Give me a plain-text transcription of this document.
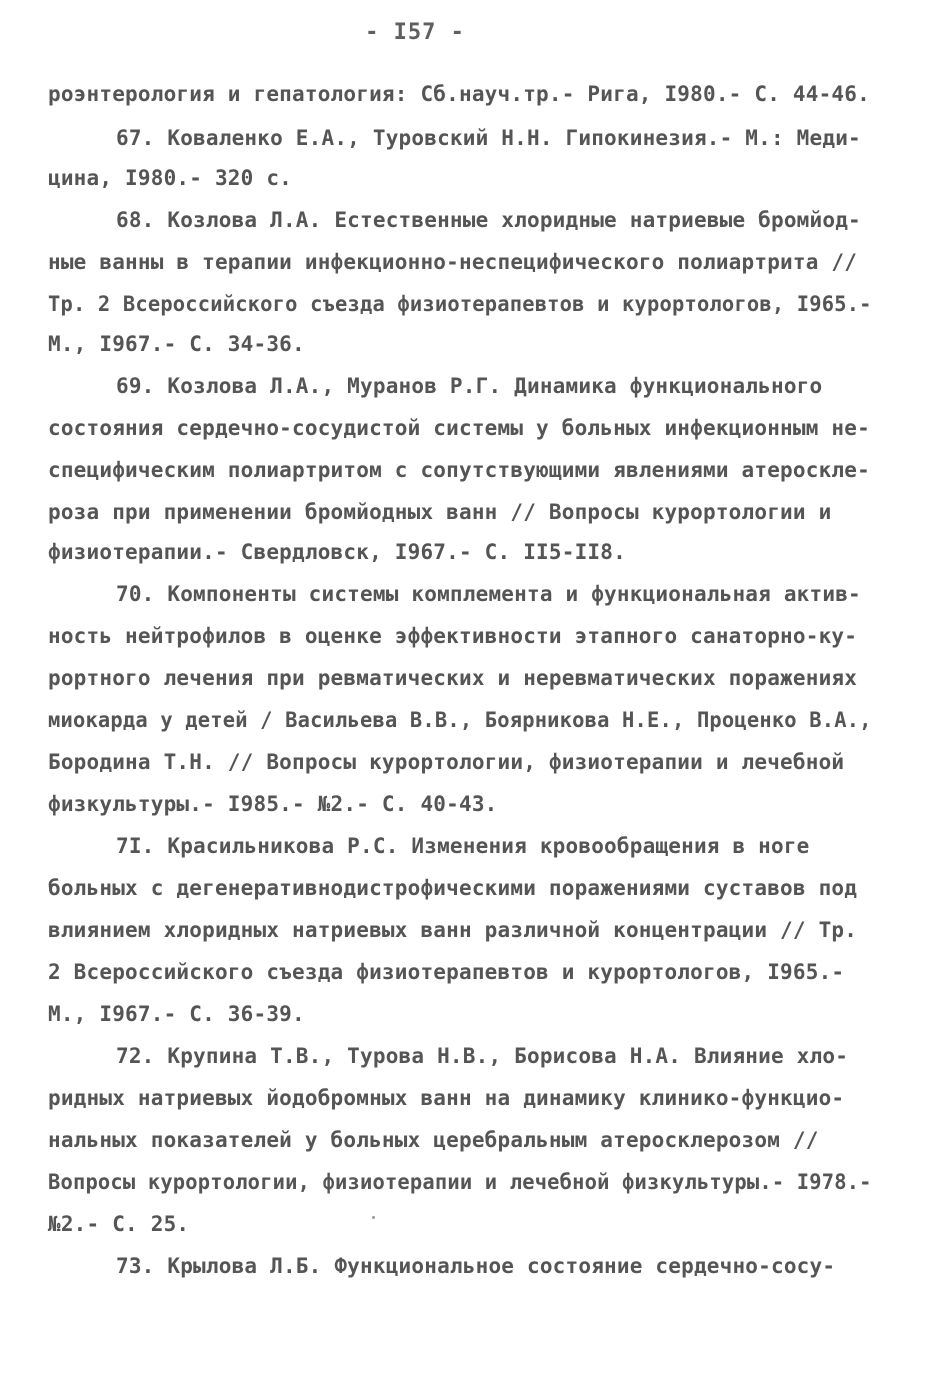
- I57 -
роэнтерология и гепатология: Сб.науч.тр.- Рига, I980.- С. 44-46.
67. Коваленко Е.А., Туровский Н.Н. Гипокинезия.- М.: Меди-
цина, I980.- 320 с.
68. Козлова Л.А. Естественные хлоридные натриевые бромйод-
ные ванны в терапии инфекционно-неспецифического полиартрита //
Тр. 2 Всероссийского съезда физиотерапевтов и курортологов, I965.-
М., I967.- С. 34-36.
69. Козлова Л.А., Муранов Р.Г. Динамика функционального
состояния сердечно-сосудистой системы у больных инфекционным не-
специфическим полиартритом с сопутствующими явлениями атероскле-
роза при применении бромйодных ванн // Вопросы курортологии и
физиотерапии.- Свердловск, I967.- С. II5-II8.
70. Компоненты системы комплемента и функциональная актив-
ность нейтрофилов в оценке эффективности этапного санаторно-ку-
рортного лечения при ревматических и неревматических поражениях
миокарда у детей / Васильева В.В., Боярникова Н.Е., Проценко В.А.,
Бородина Т.Н. // Вопросы курортологии, физиотерапии и лечебной
физкультуры.- I985.- №2.- С. 40-43.
7I. Красильникова Р.С. Изменения кровообращения в ноге
больных с дегенеративнодистрофическими поражениями суставов под
влиянием хлоридных натриевых ванн различной концентрации // Тр.
2 Всероссийского съезда физиотерапевтов и курортологов, I965.-
М., I967.- С. 36-39.
72. Крупина Т.В., Турова Н.В., Борисова Н.А. Влияние хло-
ридных натриевых йодобромных ванн на динамику клинико-функцио-
нальных показателей у больных церебральным атеросклерозом //
Вопросы курортологии, физиотерапии и лечебной физкультуры.- I978.-
№2.- С. 25.
73. Крылова Л.Б. Функциональное состояние сердечно-сосу-
